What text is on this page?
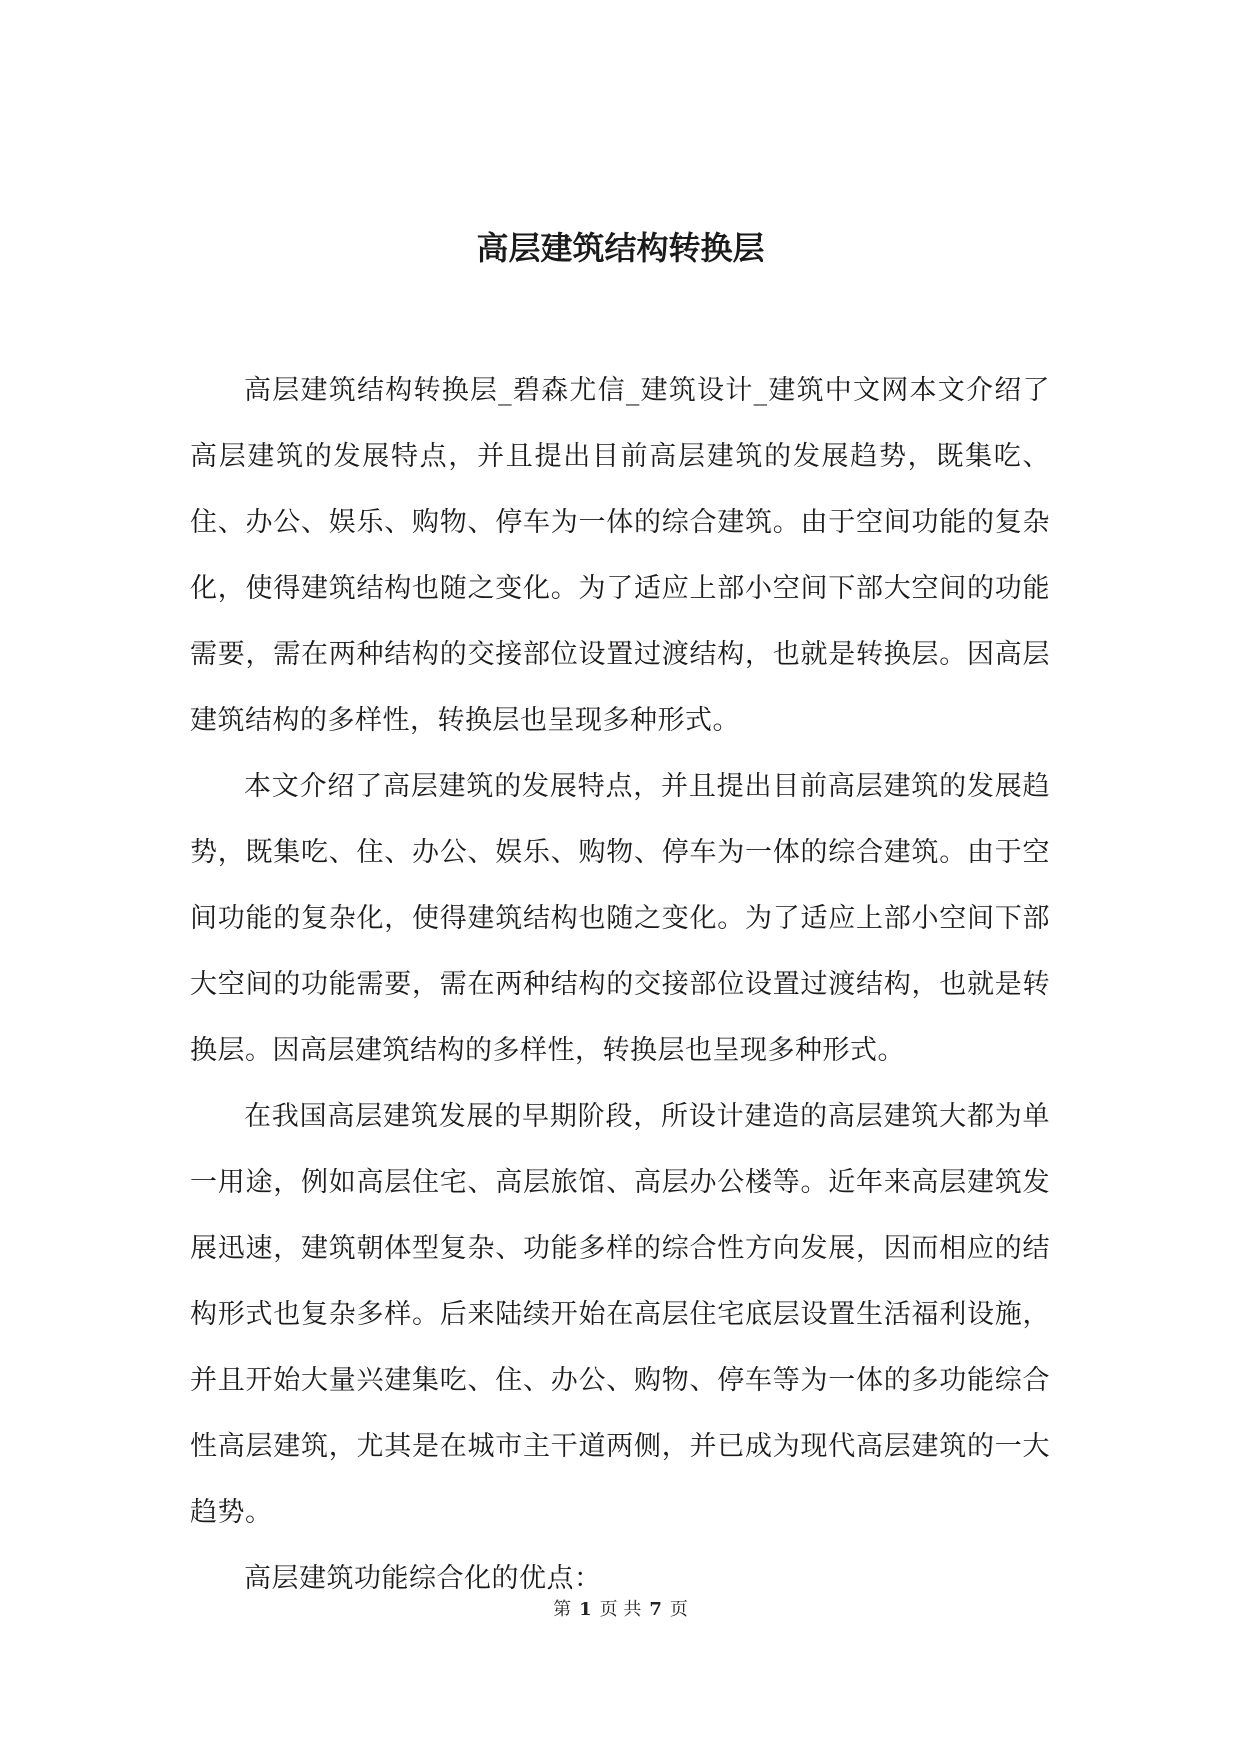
高层建筑结构转换层

高层建筑结构转换层_碧森尤信_建筑设计_建筑中文网本文介绍了高层建筑的发展特点，并且提出目前高层建筑的发展趋势，既集吃、住、办公、娱乐、购物、停车为一体的综合建筑。由于空间功能的复杂化，使得建筑结构也随之变化。为了适应上部小空间下部大空间的功能需要，需在两种结构的交接部位设置过渡结构，也就是转换层。因高层建筑结构的多样性，转换层也呈现多种形式。

本文介绍了高层建筑的发展特点，并且提出目前高层建筑的发展趋势，既集吃、住、办公、娱乐、购物、停车为一体的综合建筑。由于空间功能的复杂化，使得建筑结构也随之变化。为了适应上部小空间下部大空间的功能需要，需在两种结构的交接部位设置过渡结构，也就是转换层。因高层建筑结构的多样性，转换层也呈现多种形式。

在我国高层建筑发展的早期阶段，所设计建造的高层建筑大都为单一用途，例如高层住宅、高层旅馆、高层办公楼等。近年来高层建筑发展迅速，建筑朝体型复杂、功能多样的综合性方向发展，因而相应的结构形式也复杂多样。后来陆续开始在高层住宅底层设置生活福利设施，并且开始大量兴建集吃、住、办公、购物、停车等为一体的多功能综合性高层建筑，尤其是在城市主干道两侧，并已成为现代高层建筑的一大趋势。

高层建筑功能综合化的优点：

第 1 页 共 7 页
